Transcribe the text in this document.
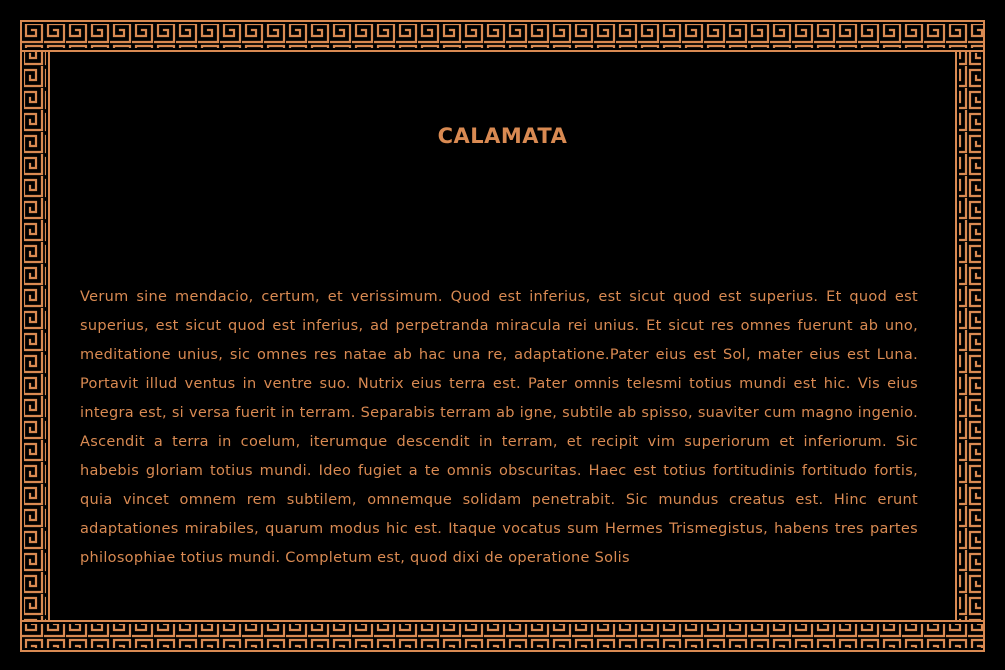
CALAMATA

Verum sine mendacio, certum, et verissimum. Quod est inferius, est sicut quod est superius. Et quod est superius, est sicut quod est inferius, ad perpetranda miracula rei unius. Et sicut res omnes fuerunt ab uno, meditatione unius, sic omnes res natae ab hac una re, adaptatione.Pater eius est Sol, mater eius est Luna. Portavit illud ventus in ventre suo. Nutrix eius terra est. Pater omnis telesmi totius mundi est hic. Vis eius integra est, si versa fuerit in terram. Separabis terram ab igne, subtile ab spisso, suaviter cum magno ingenio. Ascendit a terra in coelum, iterumque descendit in terram, et recipit vim superiorum et inferiorum. Sic habebis gloriam totius mundi. Ideo fugiet a te omnis obscuritas. Haec est totius fortitudinis fortitudo fortis, quia vincet omnem rem subtilem, omnemque solidam penetrabit. Sic mundus creatus est. Hinc erunt adaptationes mirabiles, quarum modus hic est. Itaque vocatus sum Hermes Trismegistus, habens tres partes philosophiae totius mundi. Completum est, quod dixi de operatione Solis
